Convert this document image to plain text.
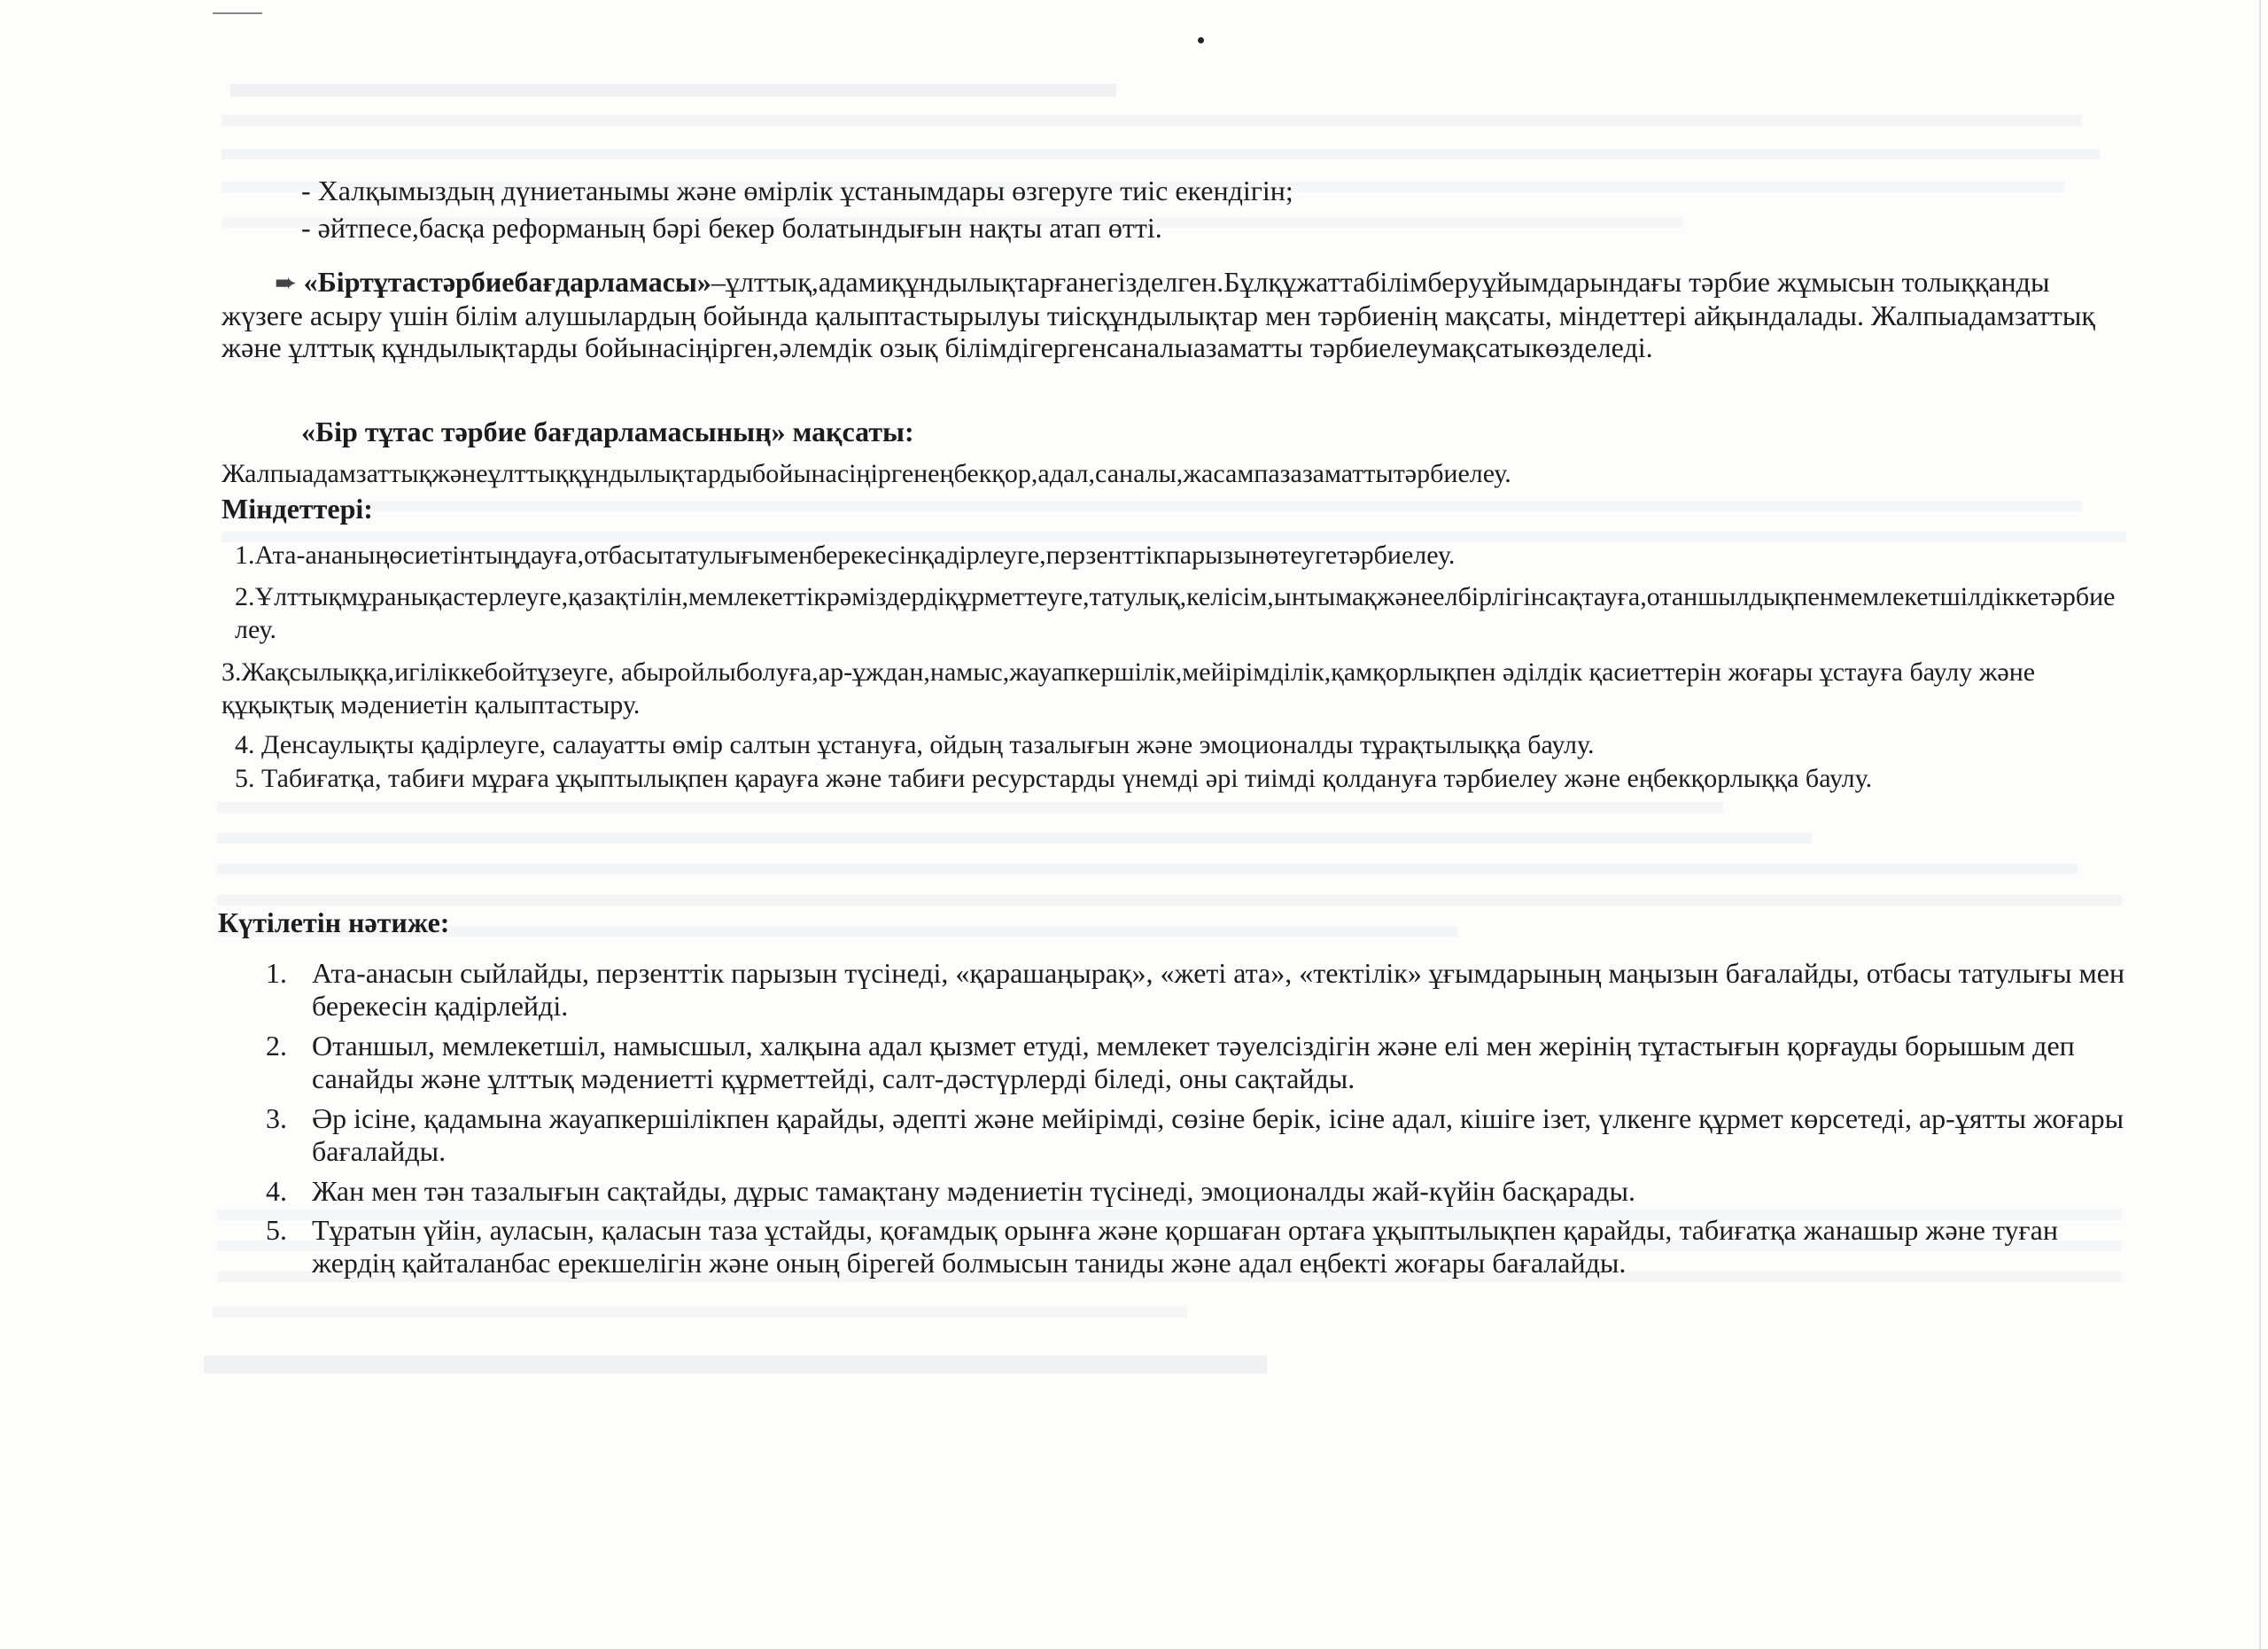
- Халқымыздың дүниетанымы және өмірлік ұстанымдары өзгеруге тиіс екендігін;
- әйтпесе,басқа реформаның бәрі бекер болатындығын нақты атап өтті.
➨ «Біртұтастәрбиебағдарламасы»–ұлттық,адамиқұндылықтарғанегізделген.Бұлқұжаттабілімберуұйымдарындағы тәрбие жұмысын толыққанды жүзеге асыру үшін білім алушылардың бойында қалыптастырылуы тиісқұндылықтар мен тәрбиенің мақсаты, міндеттері айқындалады. Жалпыадамзаттық және ұлттық құндылықтарды бойынасіңірген,әлемдік озық білімдігергенсаналыазаматты тәрбиелеумақсатыкөзделеді.
«Бір тұтас тәрбие бағдарламасының» мақсаты:
Жалпыадамзаттықжәнеұлттыққұндылықтардыбойынасіңіргенеңбекқор,адал,саналы,жасампазазаматтытәрбиелеу.
Міндеттері:
1.Ата-ананыңөсиетінтыңдауға,отбасытатулығыменберекесінқадірлеуге,перзенттікпарызынөтеугетәрбиелеу.
2.Ұлттықмұранықастерлеуге,қазақтілін,мемлекеттікрәміздердіқұрметтеуге,татулық,келісім,ынтымақжәнеелбірлігінсақтауға,отаншылдықпенмемлекетшілдіккетәрбиелеу.
3.Жақсылыққа,игіліккебойтұзеуге, абыройлыболуға,ар-ұждан,намыс,жауапкершілік,мейірімділік,қамқорлықпен әділдік қасиеттерін жоғары ұстауға баулу және құқықтық мәдениетін қалыптастыру.
4. Денсаулықты қадірлеуге, салауатты өмір салтын ұстануға, ойдың тазалығын және эмоционалды тұрақтылыққа баулу.
5. Табиғатқа, табиғи мұраға ұқыптылықпен қарауға және табиғи ресурстарды үнемді әрі тиімді қолдануға тәрбиелеу және еңбекқорлыққа баулу.
Күтілетін нәтиже:
1. Ата-анасын сыйлайды, перзенттік парызын түсінеді, «қарашаңырақ», «жеті ата», «тектілік» ұғымдарының маңызын бағалайды, отбасы татулығы мен берекесін қадірлейді.
2. Отаншыл, мемлекетшіл, намысшыл, халқына адал қызмет етуді, мемлекет тәуелсіздігін және елі мен жерінің тұтастығын қорғауды борышым деп санайды және ұлттық мәдениетті құрметтейді, салт-дәстүрлерді біледі, оны сақтайды.
3. Әр ісіне, қадамына жауапкершілікпен қарайды, әдепті және мейірімді, сөзіне берік, ісіне адал, кішіге ізет, үлкенге құрмет көрсетеді, ар-ұятты жоғары бағалайды.
4. Жан мен тән тазалығын сақтайды, дұрыс тамақтану мәдениетін түсінеді, эмоционалды жай-күйін басқарады.
5. Тұратын үйін, ауласын, қаласын таза ұстайды, қоғамдық орынға және қоршаған ортаға ұқыптылықпен қарайды, табиғатқа жанашыр және туған жердің қайталанбас ерекшелігін және оның бірегей болмысын таниды және адал еңбекті жоғары бағалайды.
